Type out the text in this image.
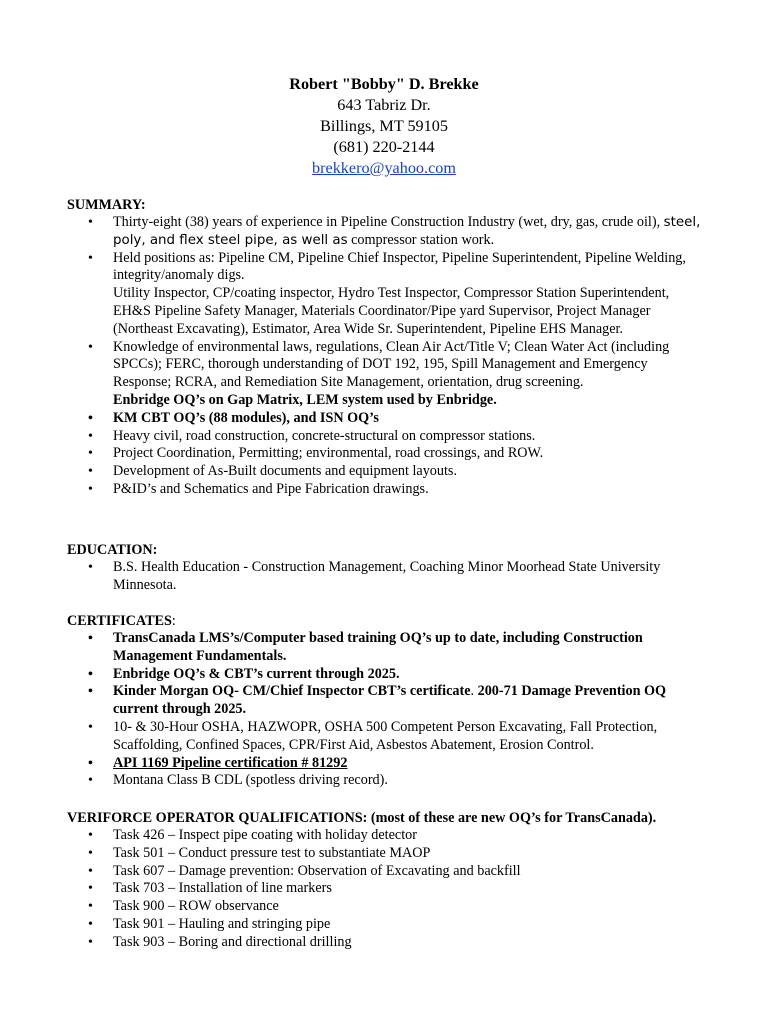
Robert "Bobby" D. Brekke
643 Tabriz Dr.
Billings, MT 59105
(681) 220-2144
brekkero@yahoo.com
SUMMARY:
• Thirty-eight (38) years of experience in Pipeline Construction Industry (wet, dry, gas, crude oil), steel, poly, and flex steel pipe, as well as compressor station work.
• Held positions as: Pipeline CM, Pipeline Chief Inspector, Pipeline Superintendent, Pipeline Welding, integrity/anomaly digs.
Utility Inspector, CP/coating inspector, Hydro Test Inspector, Compressor Station Superintendent, EH&S Pipeline Safety Manager, Materials Coordinator/Pipe yard Supervisor, Project Manager (Northeast Excavating), Estimator, Area Wide Sr. Superintendent, Pipeline EHS Manager.
• Knowledge of environmental laws, regulations, Clean Air Act/Title V; Clean Water Act (including SPCCs); FERC, thorough understanding of DOT 192, 195, Spill Management and Emergency Response; RCRA, and Remediation Site Management, orientation, drug screening.
Enbridge OQ’s on Gap Matrix, LEM system used by Enbridge.
• KM CBT OQ’s (88 modules), and ISN OQ’s
• Heavy civil, road construction, concrete-structural on compressor stations.
• Project Coordination, Permitting; environmental, road crossings, and ROW.
• Development of As-Built documents and equipment layouts.
• P&ID’s and Schematics and Pipe Fabrication drawings.
EDUCATION:
• B.S. Health Education - Construction Management, Coaching Minor Moorhead State University Minnesota.
CERTIFICATES:
• TransCanada LMS’s/Computer based training OQ’s up to date, including Construction Management Fundamentals.
• Enbridge OQ’s & CBT’s current through 2025.
• Kinder Morgan OQ- CM/Chief Inspector CBT’s certificate. 200-71 Damage Prevention OQ current through 2025.
• 10- & 30-Hour OSHA, HAZWOPR, OSHA 500 Competent Person Excavating, Fall Protection, Scaffolding, Confined Spaces, CPR/First Aid, Asbestos Abatement, Erosion Control.
• API 1169 Pipeline certification # 81292
• Montana Class B CDL (spotless driving record).
VERIFORCE OPERATOR QUALIFICATIONS: (most of these are new OQ’s for TransCanada).
• Task 426 – Inspect pipe coating with holiday detector
• Task 501 – Conduct pressure test to substantiate MAOP
• Task 607 – Damage prevention: Observation of Excavating and backfill
• Task 703 – Installation of line markers
• Task 900 – ROW observance
• Task 901 – Hauling and stringing pipe
• Task 903 – Boring and directional drilling
